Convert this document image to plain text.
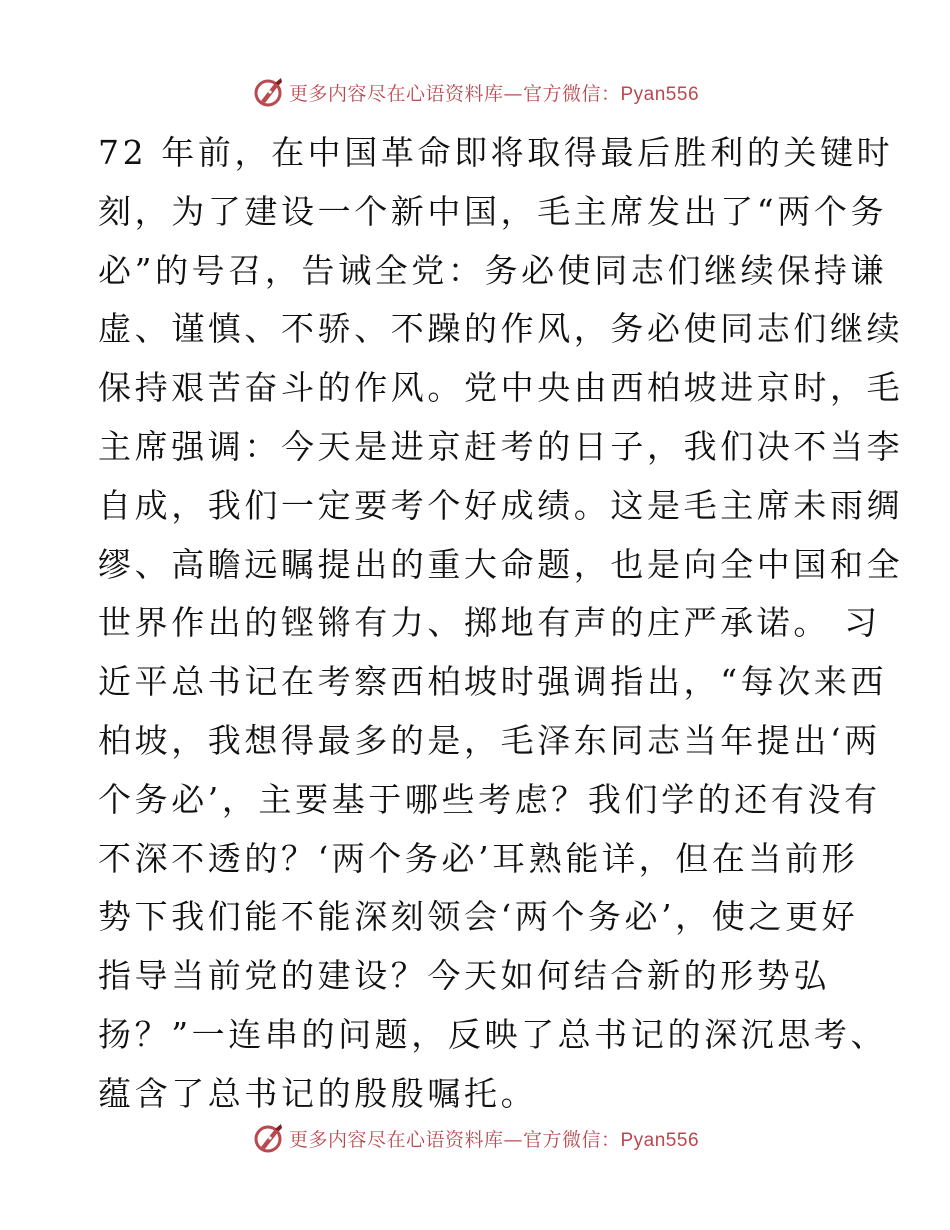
更多内容尽在心语资料库—官方微信：Pyan556
72 年前，在中国革命即将取得最后胜利的关键时
刻，为了建设一个新中国，毛主席发出了“两个务
必”的号召，告诫全党：务必使同志们继续保持谦
虚、谨慎、不骄、不躁的作风，务必使同志们继续
保持艰苦奋斗的作风。党中央由西柏坡进京时，毛
主席强调：今天是进京赶考的日子，我们决不当李
自成，我们一定要考个好成绩。这是毛主席未雨绸
缪、高瞻远瞩提出的重大命题，也是向全中国和全
世界作出的铿锵有力、掷地有声的庄严承诺。 习
近平总书记在考察西柏坡时强调指出，“每次来西
柏坡，我想得最多的是，毛泽东同志当年提出‘两
个务必’，主要基于哪些考虑？我们学的还有没有
不深不透的？‘两个务必’耳熟能详，但在当前形
势下我们能不能深刻领会‘两个务必’，使之更好
指导当前党的建设？今天如何结合新的形势弘
扬？”一连串的问题，反映了总书记的深沉思考、
蕴含了总书记的殷殷嘱托。
更多内容尽在心语资料库—官方微信：Pyan556
